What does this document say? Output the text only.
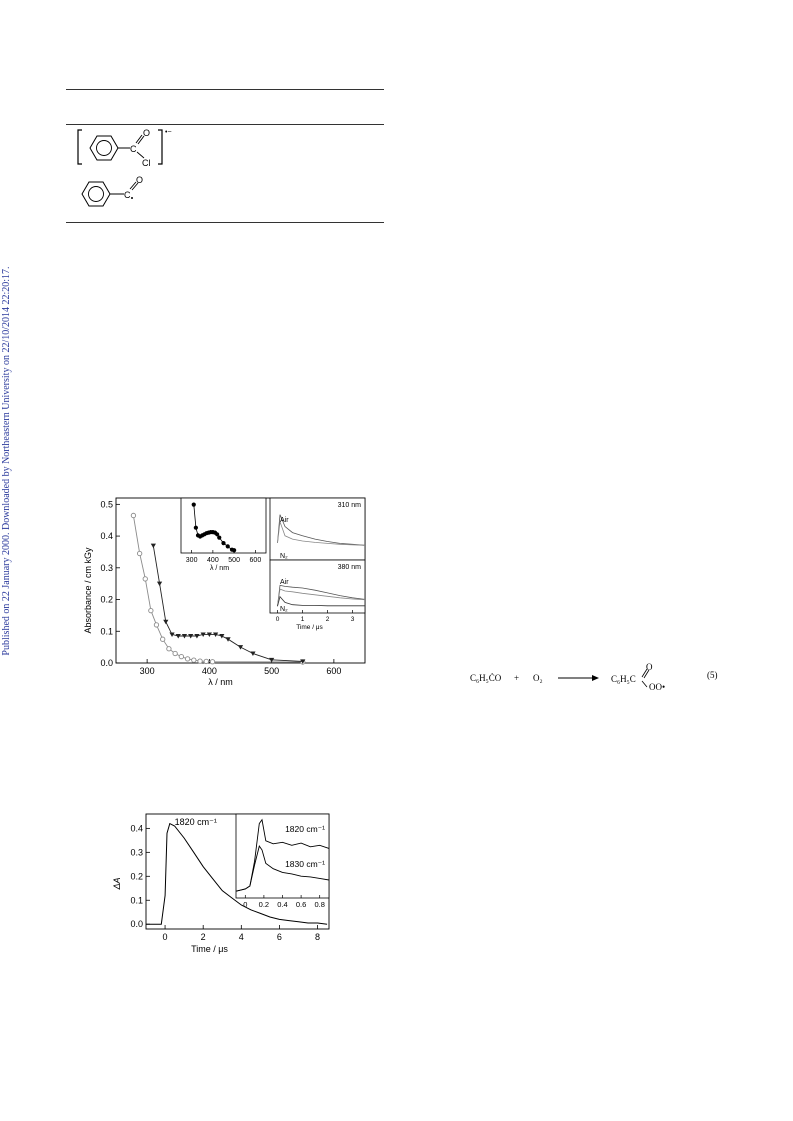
Published on 22 January 2000. Downloaded by Northeastern University on 22/10/2014 22:20:17.
C
O
Cl
•−
C
O
300	400	500	600
0.0
0.1
0.2
0.3
0.4
0.5
λ / nm
Absorbance / cm kGy	300 400 500 600
λ / nm
310 nm
Air
N₂
380 nm
Air
N₂
0	1	2	3
Time / μs
0	2	4	6	8
0.0
0.1
0.2
0.3
0.4
Time / μs
ΔA
1820 cm⁻¹
0 0.2 0.4 0.6 0.8
1820 cm⁻¹
1830 cm⁻¹
C₆H₅ĊO + O₂	C₆H₅C
O
OO•
(5)
